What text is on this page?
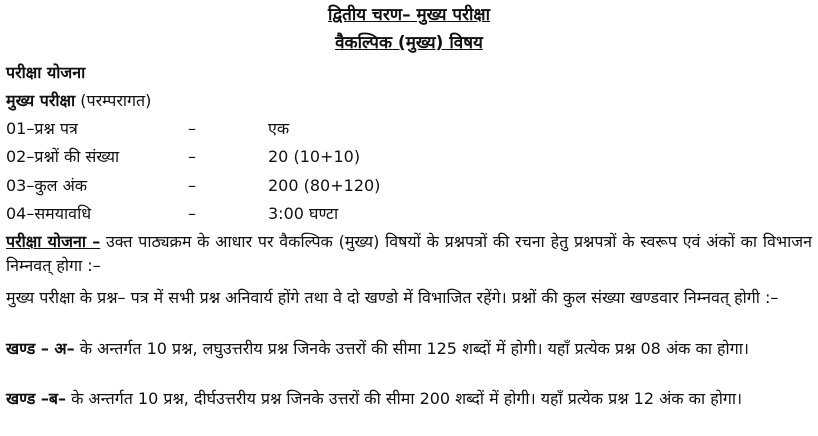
द्वितीय चरण– मुख्य परीक्षा
वैकल्पिक (मुख्य) विषय
परीक्षा योजना
मुख्य परीक्षा (परम्परागत)
01–प्रश्न पत्र	–	एक
02–प्रश्नों की संख्या	–	20 (10+10)
03–कुल अंक	–	200 (80+120)
04–समयावधि	–	3:00 घण्टा
परीक्षा योजना – उक्त पाठ्यक्रम के आधार पर वैकल्पिक (मुख्य) विषयों के प्रश्नपत्रों की रचना हेतु प्रश्नपत्रों के स्वरूप एवं अंकों का विभाजन निम्नवत् होगा :–
मुख्य परीक्षा के प्रश्न– पत्र में सभी प्रश्न अनिवार्य होंगे तथा वे दो खण्डो में विभाजित रहेंगे। प्रश्नों की कुल संख्या खण्डवार निम्नवत् होगी :–
खण्ड – अ– के अन्तर्गत 10 प्रश्न, लघुउत्तरीय प्रश्न जिनके उत्तरों की सीमा 125 शब्दों में होगी। यहाँ प्रत्येक प्रश्न 08 अंक का होगा।
खण्ड –ब– के अन्तर्गत 10 प्रश्न, दीर्घउत्तरीय प्रश्न जिनके उत्तरों की सीमा 200 शब्दों में होगी। यहाँ प्रत्येक प्रश्न 12 अंक का होगा।
